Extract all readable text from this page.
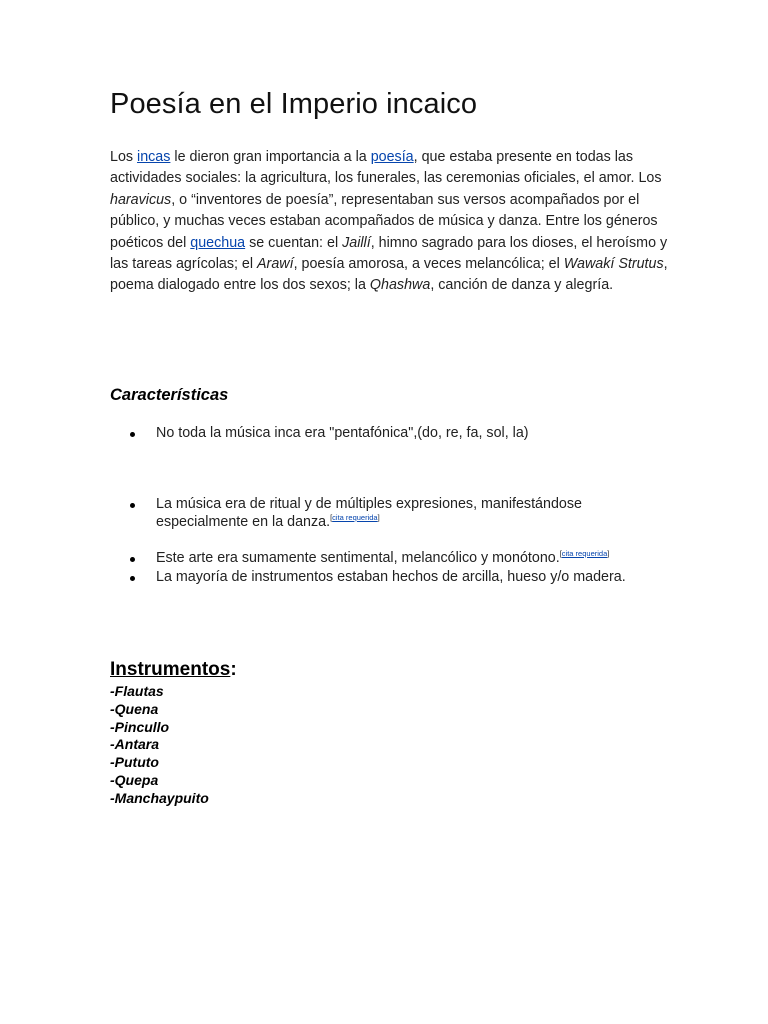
Poesía en el Imperio incaico

Los incas le dieron gran importancia a la poesía, que estaba presente en todas las actividades sociales: la agricultura, los funerales, las ceremonias oficiales, el amor. Los haravicus, o “inventores de poesía”, representaban sus versos acompañados por el público, y muchas veces estaban acompañados de música y danza. Entre los géneros poéticos del quechua se cuentan: el Jaillí, himno sagrado para los dioses, el heroísmo y las tareas agrícolas; el Arawí, poesía amorosa, a veces melancólica; el Wawakí Strutus, poema dialogado entre los dos sexos; la Qhashwa, canción de danza y alegría.

Características
No toda la música inca era "pentafónica",(do, re, fa, sol, la)
La música era de ritual y de múltiples expresiones, manifestándose especialmente en la danza.[cita requerida]
Este arte era sumamente sentimental, melancólico y monótono.[cita requerida]
La mayoría de instrumentos estaban hechos de arcilla, hueso y/o madera.
Instrumentos:
-Flautas
-Quena
-Pincullo
-Antara
-Pututo
-Quepa
-Manchaypuito
